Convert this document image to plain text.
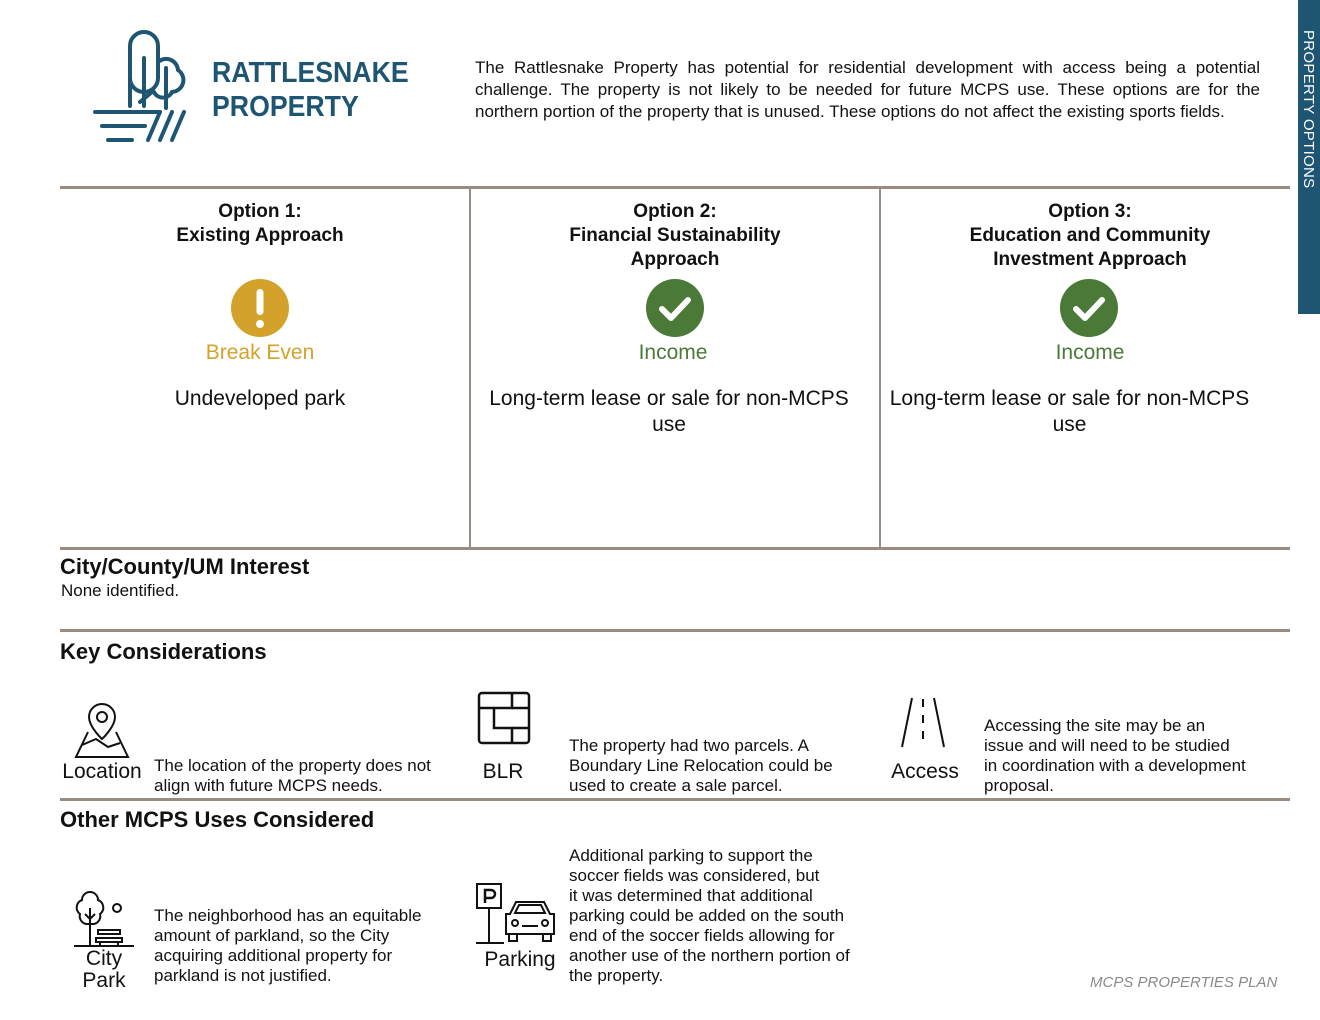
RATTLESNAKE
PROPERTY
The Rattlesnake Property has potential for residential development with access being a potential challenge. The property is not likely to be needed for future MCPS use. These options are for the northern portion of the property that is unused. These options do not affect the existing sports fields.	PROPERTY OPTIONS
Option 1:
Existing Approach
Break Even
Undeveloped park
Option 2:
Financial Sustainability
Approach
Income
Long-term lease or sale for non-MCPS
use
Option 3:
Education and Community
Investment Approach
Income
Long-term lease or sale for non-MCPS
use
City/County/UM Interest
None identified.
Key Considerations
Location The location of the property does not
align with future MCPS needs.
BLR
The property had two parcels. A
Boundary Line Relocation could be
used to create a sale parcel.
Access
Accessing the site may be an
issue and will need to be studied
in coordination with a development
proposal.
Other MCPS Uses Considered
City
Park
The neighborhood has an equitable
amount of parkland, so the City
acquiring additional property for
parkland is not justified.
Parking
Additional parking to support the
soccer fields was considered, but
it was determined that additional
parking could be added on the south
end of the soccer fields allowing for
another use of the northern portion of
the property.	MCPS PROPERTIES PLAN
